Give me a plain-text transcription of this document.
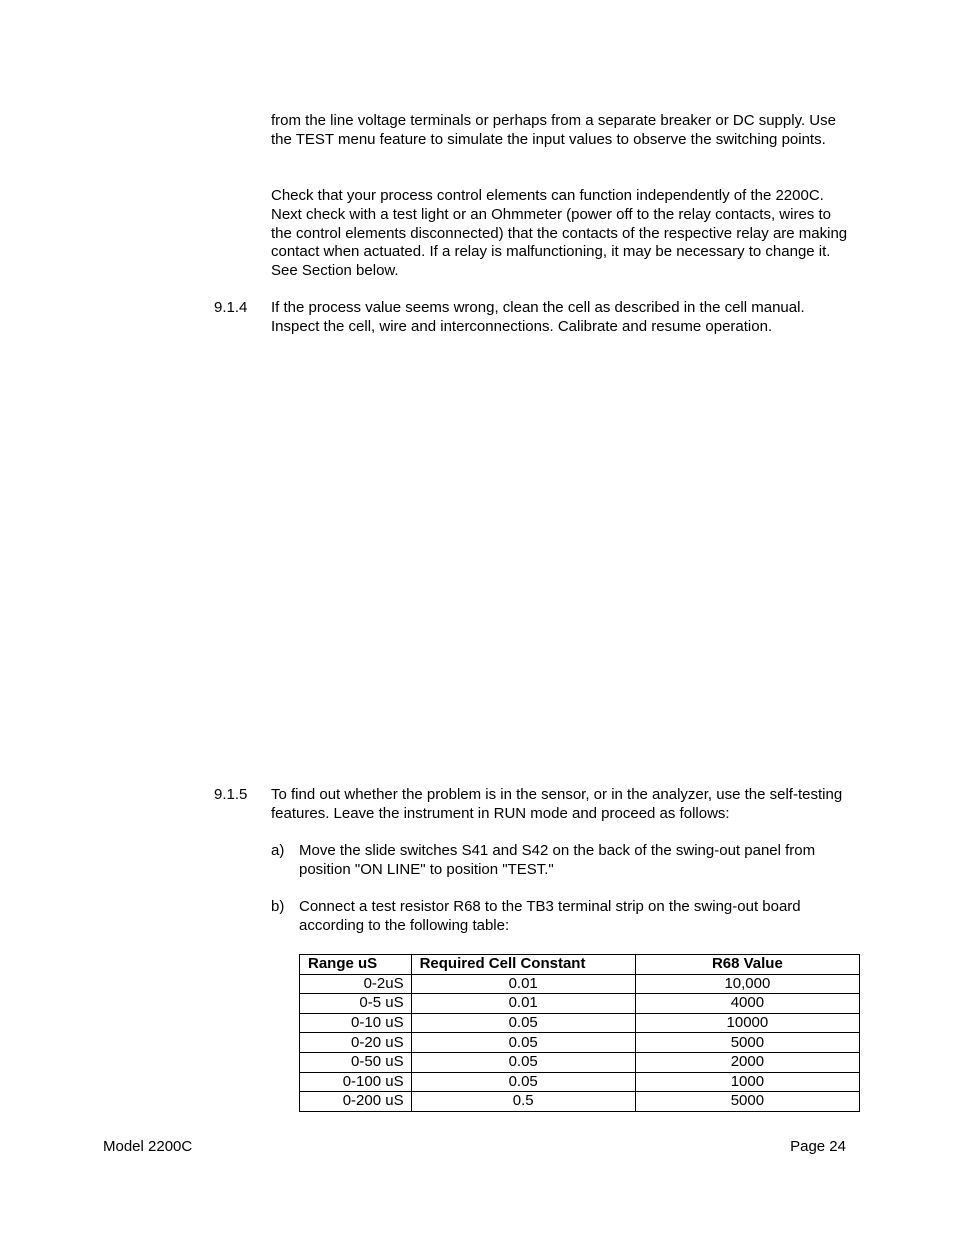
from the line voltage terminals or perhaps from a separate breaker or DC supply. Use the TEST menu feature to simulate the input values to observe the switching points.

Check that your process control elements can function independently of the 2200C. Next check with a test light or an Ohmmeter (power off to the relay contacts, wires to the control elements disconnected) that the contacts of the respective relay are making contact when actuated. If a relay is malfunctioning, it may be necessary to change it. See Section below.

9.1.4 If the process value seems wrong, clean the cell as described in the cell manual. Inspect the cell, wire and interconnections. Calibrate and resume operation.

9.1.5 To find out whether the problem is in the sensor, or in the analyzer, use the self-testing features. Leave the instrument in RUN mode and proceed as follows:

a) Move the slide switches S41 and S42 on the back of the swing-out panel from position "ON LINE" to position "TEST."

b) Connect a test resistor R68 to the TB3 terminal strip on the swing-out board according to the following table:

Range uS	Required Cell Constant	R68 Value
0-2uS	0.01	10,000
0-5 uS	0.01	4000
0-10 uS	0.05	10000
0-20 uS	0.05	5000
0-50 uS	0.05	2000
0-100 uS	0.05	1000
0-200 uS	0.5	5000
Model 2200C	Page 24
